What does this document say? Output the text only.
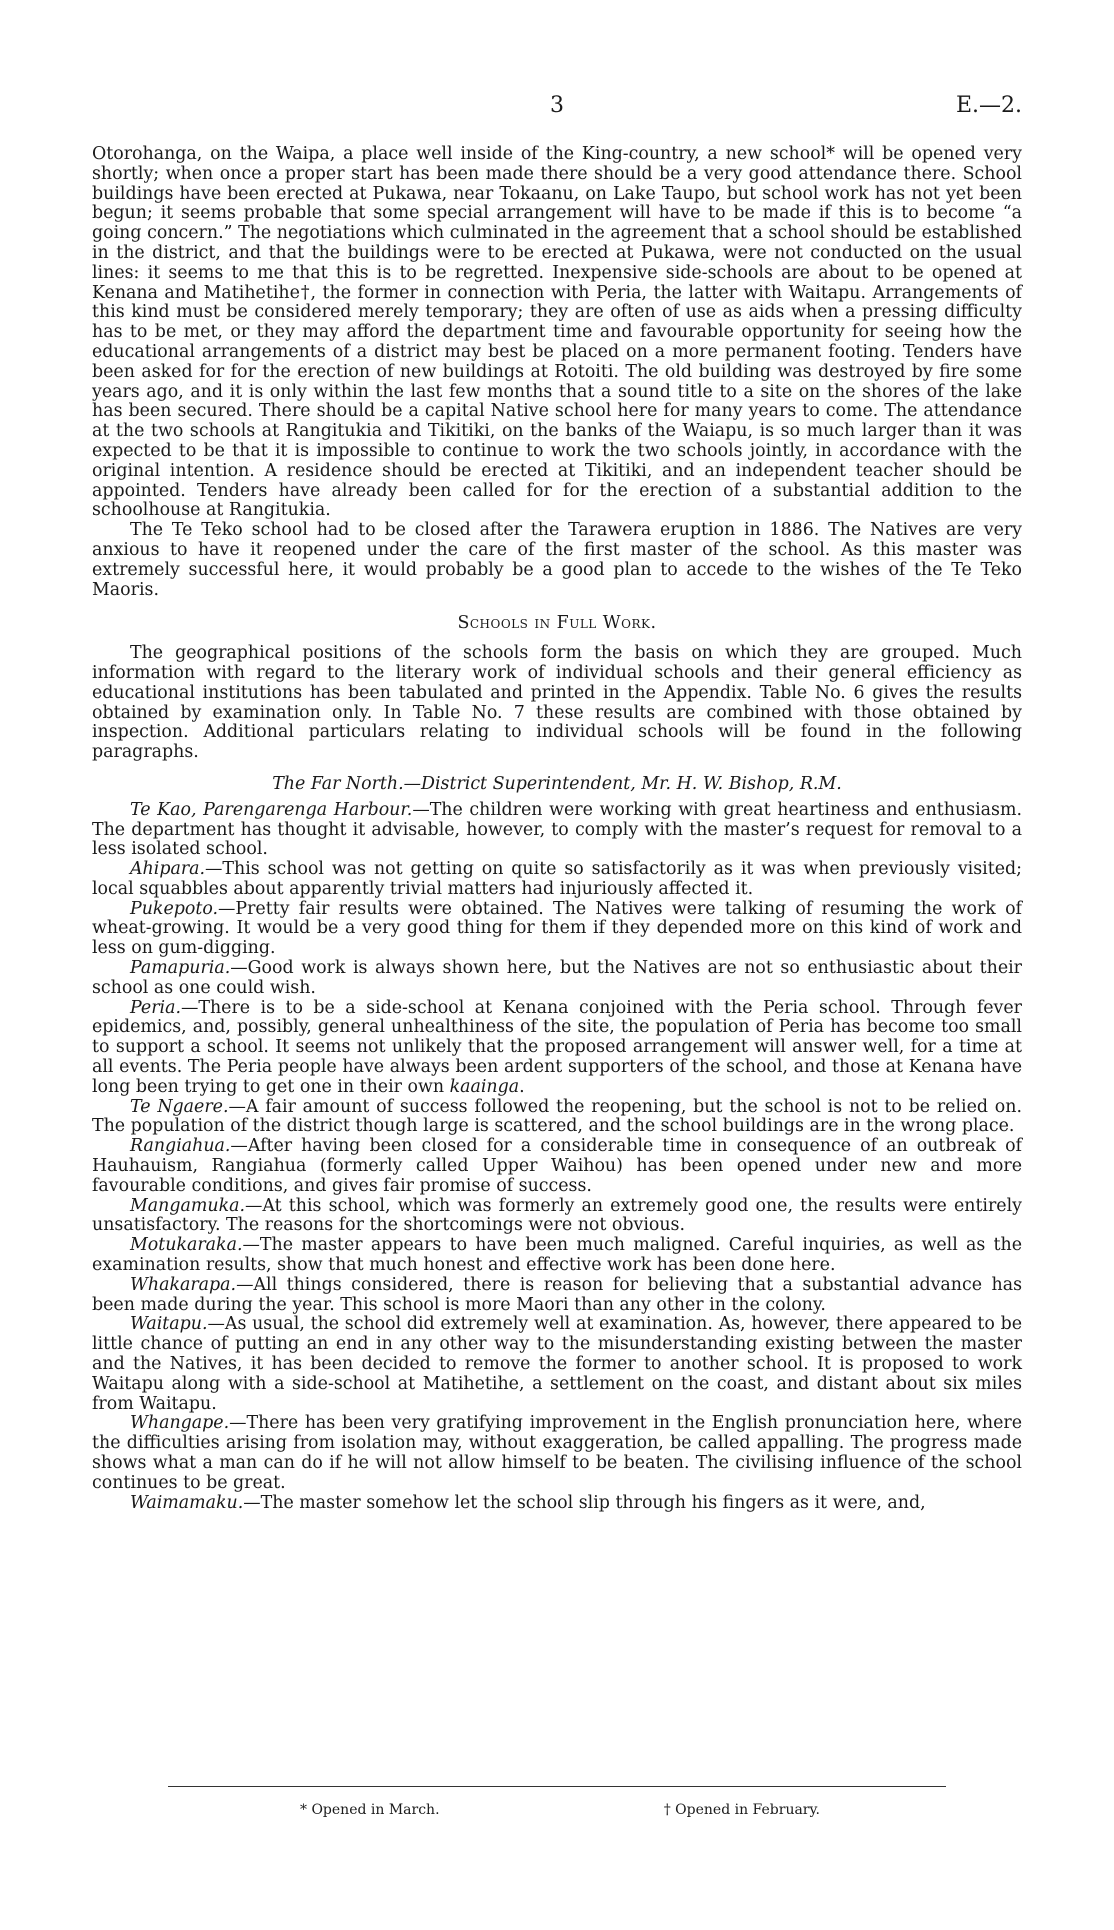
3	E.—2.

Otorohanga, on the Waipa, a place well inside of the King-country, a new school* will be opened very shortly; when once a proper start has been made there should be a very good attendance there. School buildings have been erected at Pukawa, near Tokaanu, on Lake Taupo, but school work has not yet been begun; it seems probable that some special arrangement will have to be made if this is to become “a going concern.” The negotiations which culminated in the agreement that a school should be established in the district, and that the buildings were to be erected at Pukawa, were not conducted on the usual lines: it seems to me that this is to be regretted. Inexpensive side-schools are about to be opened at Kenana and Matihetihe†, the former in connection with Peria, the latter with Waitapu. Arrangements of this kind must be considered merely temporary; they are often of use as aids when a pressing difficulty has to be met, or they may afford the department time and favourable opportunity for seeing how the educational arrangements of a district may best be placed on a more permanent footing. Tenders have been asked for for the erection of new buildings at Rotoiti. The old building was destroyed by fire some years ago, and it is only within the last few months that a sound title to a site on the shores of the lake has been secured. There should be a capital Native school here for many years to come. The attendance at the two schools at Rangitukia and Tikitiki, on the banks of the Waiapu, is so much larger than it was expected to be that it is impossible to continue to work the two schools jointly, in accordance with the original intention. A residence should be erected at Tikitiki, and an independent teacher should be appointed. Tenders have already been called for for the erection of a substantial addition to the schoolhouse at Rangitukia.

The Te Teko school had to be closed after the Tarawera eruption in 1886. The Natives are very anxious to have it reopened under the care of the first master of the school. As this master was extremely successful here, it would probably be a good plan to accede to the wishes of the Te Teko Maoris.

Schools in Full Work.

The geographical positions of the schools form the basis on which they are grouped. Much information with regard to the literary work of individual schools and their general efficiency as educational institutions has been tabulated and printed in the Appendix. Table No. 6 gives the results obtained by examination only. In Table No. 7 these results are combined with those obtained by inspection. Additional particulars relating to individual schools will be found in the following paragraphs.

The Far North.—District Superintendent, Mr. H. W. Bishop, R.M.

Te Kao, Parengarenga Harbour.—The children were working with great heartiness and enthusiasm. The department has thought it advisable, however, to comply with the master’s request for removal to a less isolated school.

Ahipara.—This school was not getting on quite so satisfactorily as it was when previously visited; local squabbles about apparently trivial matters had injuriously affected it.

Pukepoto.—Pretty fair results were obtained. The Natives were talking of resuming the work of wheat-growing. It would be a very good thing for them if they depended more on this kind of work and less on gum-digging.

Pamapuria.—Good work is always shown here, but the Natives are not so enthusiastic about their school as one could wish.

Peria.—There is to be a side-school at Kenana conjoined with the Peria school. Through fever epidemics, and, possibly, general unhealthiness of the site, the population of Peria has become too small to support a school. It seems not unlikely that the proposed arrangement will answer well, for a time at all events. The Peria people have always been ardent supporters of the school, and those at Kenana have long been trying to get one in their own kaainga.

Te Ngaere.—A fair amount of success followed the reopening, but the school is not to be relied on. The population of the district though large is scattered, and the school buildings are in the wrong place.

Rangiahua.—After having been closed for a considerable time in consequence of an outbreak of Hauhauism, Rangiahua (formerly called Upper Waihou) has been opened under new and more favourable conditions, and gives fair promise of success.

Mangamuka.—At this school, which was formerly an extremely good one, the results were entirely unsatisfactory. The reasons for the shortcomings were not obvious.

Motukaraka.—The master appears to have been much maligned. Careful inquiries, as well as the examination results, show that much honest and effective work has been done here.

Whakarapa.—All things considered, there is reason for believing that a substantial advance has been made during the year. This school is more Maori than any other in the colony.

Waitapu.—As usual, the school did extremely well at examination. As, however, there appeared to be little chance of putting an end in any other way to the misunderstanding existing between the master and the Natives, it has been decided to remove the former to another school. It is proposed to work Waitapu along with a side-school at Matihetihe, a settlement on the coast, and distant about six miles from Waitapu.

Whangape.—There has been very gratifying improvement in the English pronunciation here, where the difficulties arising from isolation may, without exaggeration, be called appalling. The progress made shows what a man can do if he will not allow himself to be beaten. The civilising influence of the school continues to be great.

Waimamaku.—The master somehow let the school slip through his fingers as it were, and,

* Opened in March.	† Opened in February.
